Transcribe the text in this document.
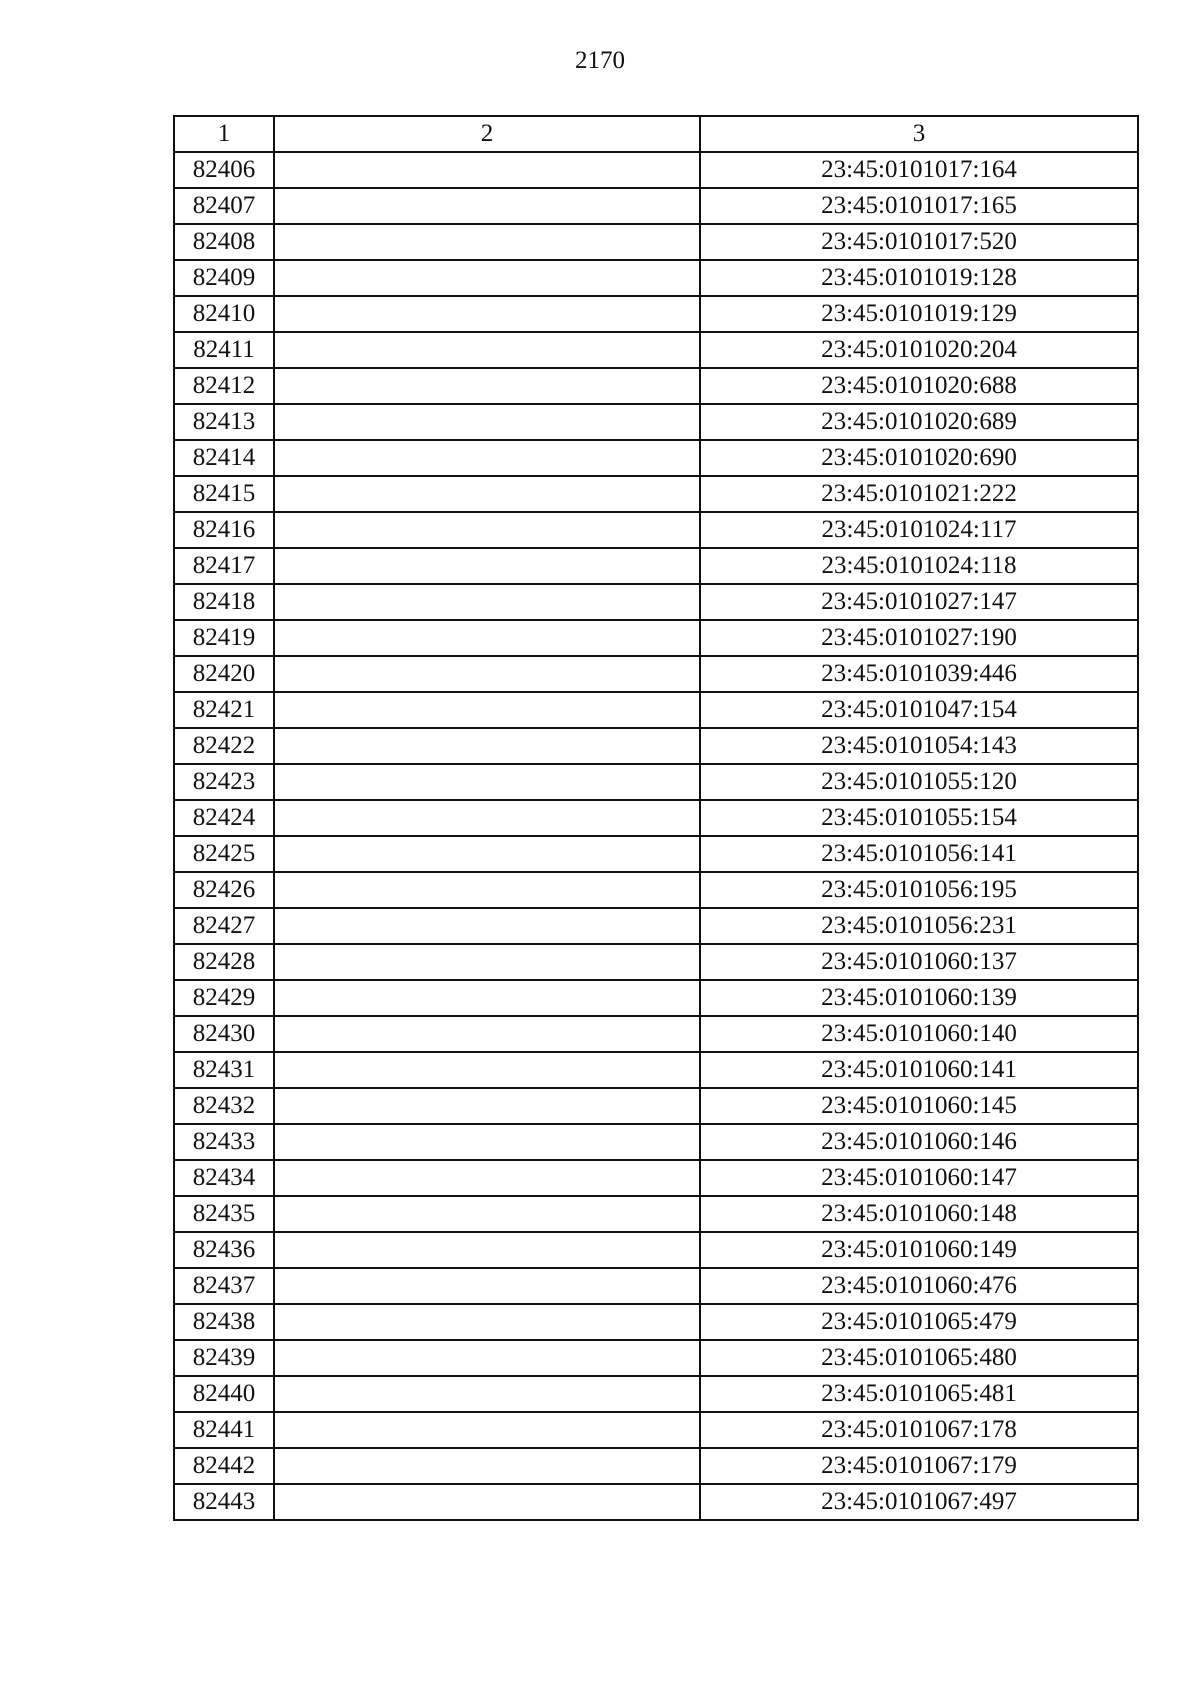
2170
1	2	3
82406		23:45:0101017:164
82407		23:45:0101017:165
82408		23:45:0101017:520
82409		23:45:0101019:128
82410		23:45:0101019:129
82411		23:45:0101020:204
82412		23:45:0101020:688
82413		23:45:0101020:689
82414		23:45:0101020:690
82415		23:45:0101021:222
82416		23:45:0101024:117
82417		23:45:0101024:118
82418		23:45:0101027:147
82419		23:45:0101027:190
82420		23:45:0101039:446
82421		23:45:0101047:154
82422		23:45:0101054:143
82423		23:45:0101055:120
82424		23:45:0101055:154
82425		23:45:0101056:141
82426		23:45:0101056:195
82427		23:45:0101056:231
82428		23:45:0101060:137
82429		23:45:0101060:139
82430		23:45:0101060:140
82431		23:45:0101060:141
82432		23:45:0101060:145
82433		23:45:0101060:146
82434		23:45:0101060:147
82435		23:45:0101060:148
82436		23:45:0101060:149
82437		23:45:0101060:476
82438		23:45:0101065:479
82439		23:45:0101065:480
82440		23:45:0101065:481
82441		23:45:0101067:178
82442		23:45:0101067:179
82443		23:45:0101067:497
